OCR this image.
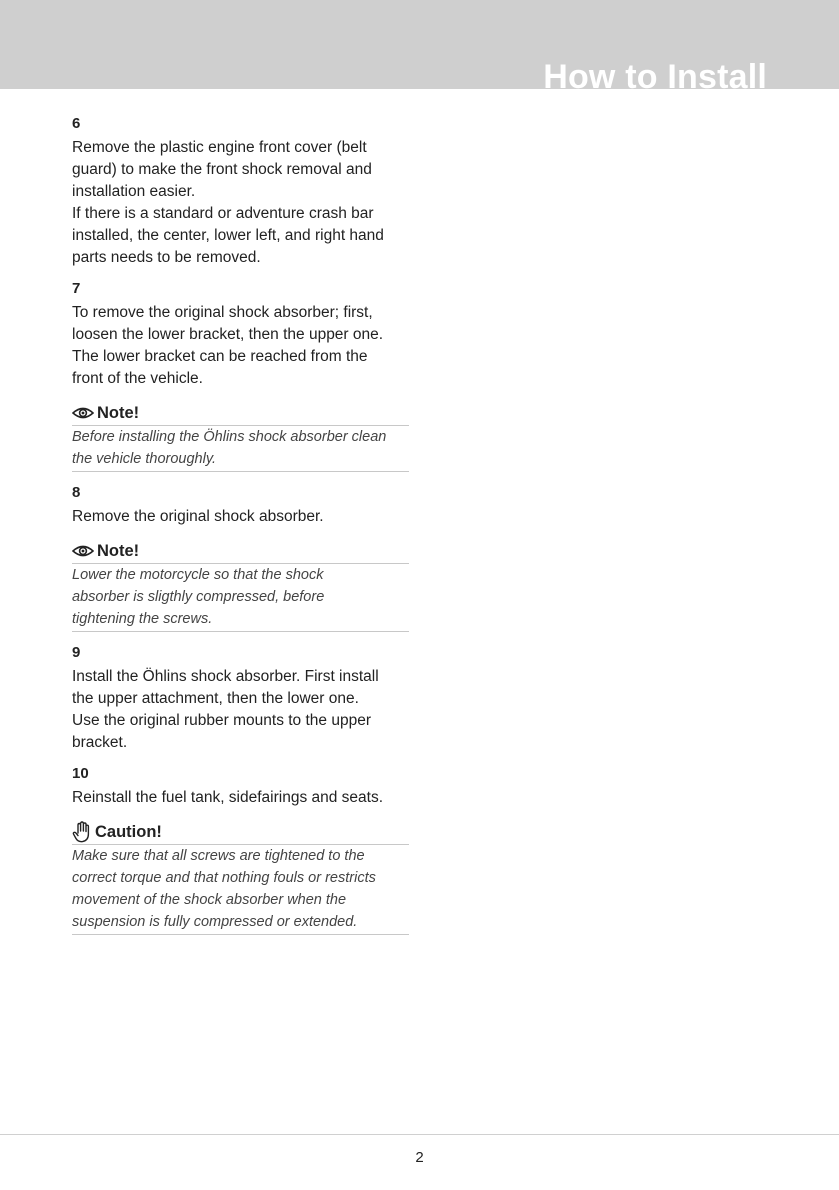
How to Install
6
Remove the plastic engine front cover (belt
guard) to make the front shock removal and
installation easier.
If there is a standard or adventure crash bar
installed, the center, lower left, and right hand
parts needs to be removed.
7
To remove the original shock absorber; first,
loosen the lower bracket, then the upper one.
The lower bracket can be reached from the
front of the vehicle.
Note!
Before installing the Öhlins shock absorber clean
the vehicle thoroughly.
8
Remove the original shock absorber.
Note!
Lower the motorcycle so that the shock
absorber is sligthly compressed, before
tightening the screws.
9
Install the Öhlins shock absorber. First install
the upper attachment, then the lower one.
Use the original rubber mounts to the upper
bracket.
10
Reinstall the fuel tank, sidefairings and seats.
Caution!
Make sure that all screws are tightened to the
correct torque and that nothing fouls or restricts
movement of the shock absorber when the
suspension is fully compressed or extended.
2
